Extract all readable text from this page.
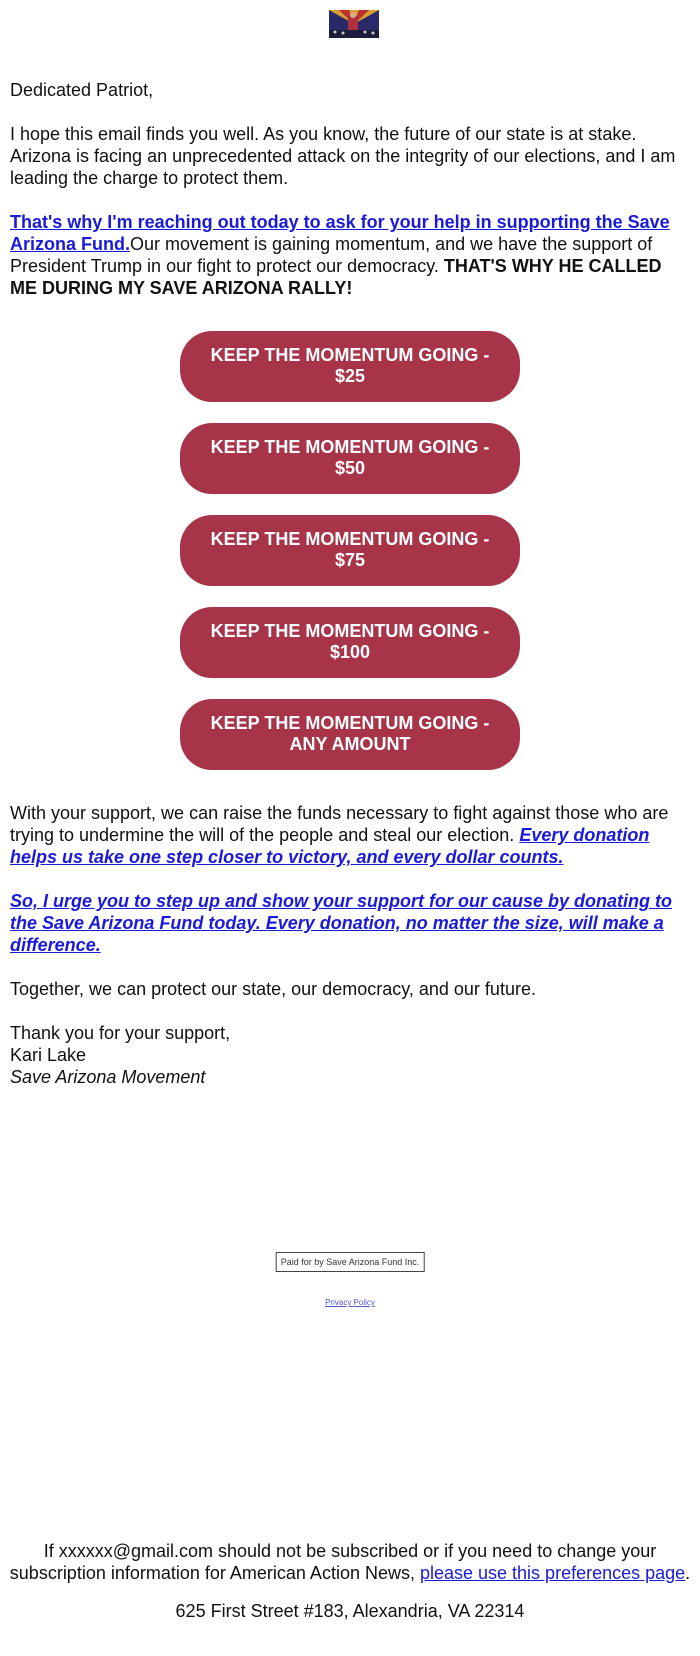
Dedicated Patriot,

I hope this email finds you well. As you know, the future of our state is at stake. Arizona is facing an unprecedented attack on the integrity of our elections, and I am leading the charge to protect them.

That's why I'm reaching out today to ask for your help in supporting the Save Arizona Fund.Our movement is gaining momentum, and we have the support of President Trump in our fight to protect our democracy. THAT'S WHY HE CALLED ME DURING MY SAVE ARIZONA RALLY!

KEEP THE MOMENTUM GOING -
$25
KEEP THE MOMENTUM GOING -
$50
KEEP THE MOMENTUM GOING -
$75
KEEP THE MOMENTUM GOING -
$100
KEEP THE MOMENTUM GOING -
ANY AMOUNT

With your support, we can raise the funds necessary to fight against those who are trying to undermine the will of the people and steal our election. Every donation helps us take one step closer to victory, and every dollar counts.

So, I urge you to step up and show your support for our cause by donating to the Save Arizona Fund today. Every donation, no matter the size, will make a difference.

Together, we can protect our state, our democracy, and our future.

Thank you for your support,
Kari Lake
Save Arizona Movement

Paid for by Save Arizona Fund Inc.
Privacy Policy

If xxxxxx@gmail.com should not be subscribed or if you need to change your subscription information for American Action News, please use this preferences page.

625 First Street #183, Alexandria, VA 22314
